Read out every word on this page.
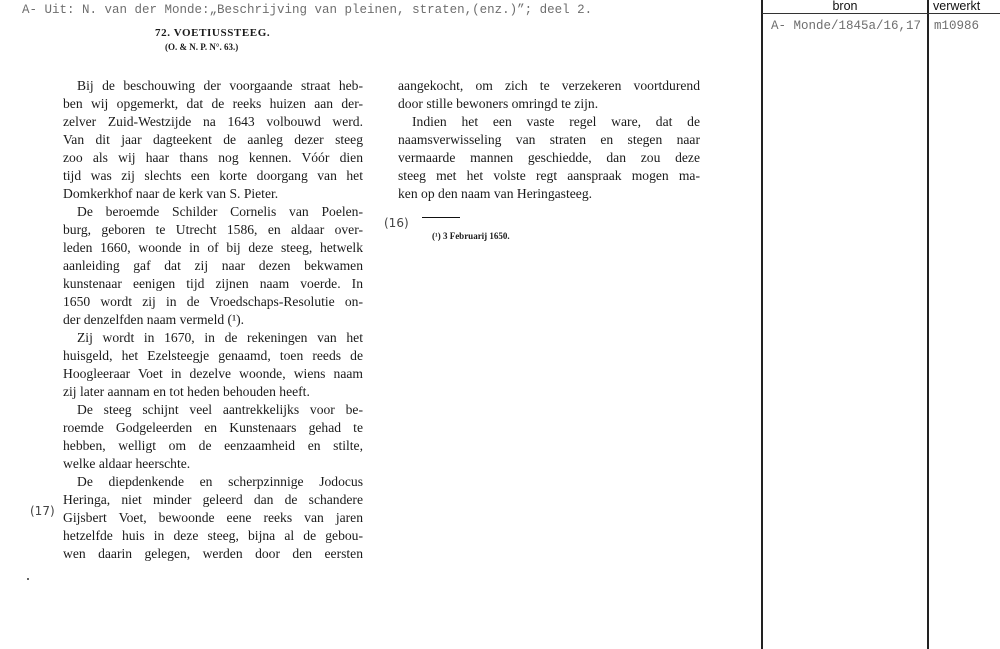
A- Uit: N. van der Monde:„Beschrijving van pleinen, straten,(enz.)”; deel 2.	bron	verwerkt
A- Monde/1845a/16,17 m10986
72. VOETIUSSTEEG.
(O. & N. P. N°. 63.)
Bij de beschouwing der voorgaande straat heb-
ben wij opgemerkt, dat de reeks huizen aan der-
zelver Zuid-Westzijde na 1643 volbouwd werd.
Van dit jaar dagteekent de aanleg dezer steeg
zoo als wij haar thans nog kennen. Vóór dien
tijd was zij slechts een korte doorgang van het
Domkerkhof naar de kerk van S. Pieter.
De beroemde Schilder Cornelis van Poelen-
burg, geboren te Utrecht 1586, en aldaar over-
leden 1660, woonde in of bij deze steeg, hetwelk
aanleiding gaf dat zij naar dezen bekwamen
kunstenaar eenigen tijd zijnen naam voerde. In
1650 wordt zij in de Vroedschaps-Resolutie on-
der denzelfden naam vermeld (¹).
Zij wordt in 1670, in de rekeningen van het
huisgeld, het Ezelsteegje genaamd, toen reeds de
Hoogleeraar Voet in dezelve woonde, wiens naam
zij later aannam en tot heden behouden heeft.
De steeg schijnt veel aantrekkelijks voor be-
roemde Godgeleerden en Kunstenaars gehad te
hebben, welligt om de eenzaamheid en stilte,
welke aldaar heerschte.
De diepdenkende en scherpzinnige Jodocus
Heringa, niet minder geleerd dan de schandere
Gijsbert Voet, bewoonde eene reeks van jaren
hetzelfde huis in deze steeg, bijna al de gebou-
wen daarin gelegen, werden door den eersten
aangekocht, om zich te verzekeren voortdurend
door stille bewoners omringd te zijn.
Indien het een vaste regel ware, dat de
naamsverwisseling van straten en stegen naar
vermaarde mannen geschiedde, dan zou deze
steeg met het volste regt aanspraak mogen ma-
ken op den naam van Heringasteeg.
(16)
(17)
(¹) 3 Februarij 1650.
